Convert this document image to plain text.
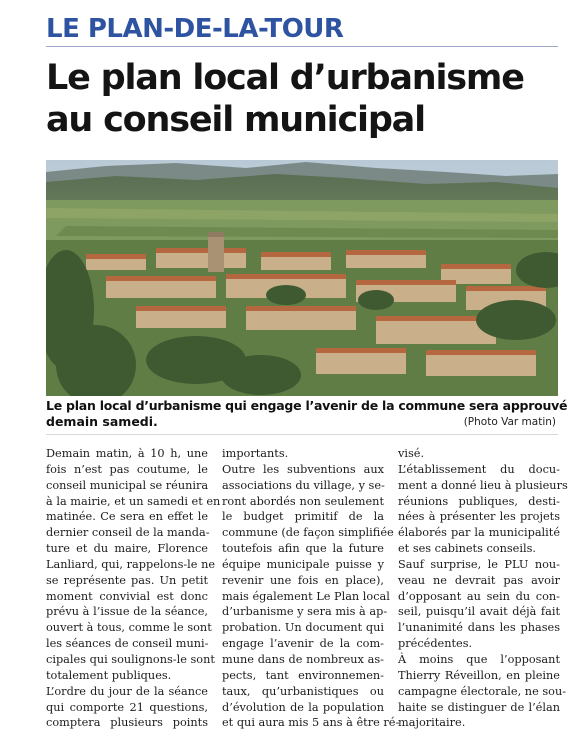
LE PLAN-DE-LA-TOUR
Le plan local d’urbanisme
au conseil municipal
Le plan local d’urbanisme qui engage l’avenir de la commune sera approuvé
demain samedi.	(Photo Var matin)
Demain matin, à 10 h, une
fois n’est pas coutume, le
conseil municipal se réunira
à la mairie, et un samedi et en
matinée. Ce sera en effet le
dernier conseil de la manda-
ture et du maire, Florence
Lanliard, qui, rappelons-le ne
se représente pas. Un petit
moment convivial est donc
prévu à l’issue de la séance,
ouvert à tous, comme le sont
les séances de conseil muni-
cipales qui soulignons-le sont
totalement publiques.
L’ordre du jour de la séance
qui comporte 21 questions,
comptera plusieurs points
importants.
Outre les subventions aux
associations du village, y se-
ront abordés non seulement
le budget primitif de la
commune (de façon simplifiée
toutefois afin que la future
équipe municipale puisse y
revenir une fois en place),
mais également Le Plan local
d’urbanisme y sera mis à ap-
probation. Un document qui
engage l’avenir de la com-
mune dans de nombreux as-
pects, tant environnemen-
taux, qu’urbanistiques ou
d’évolution de la population
et qui aura mis 5 ans à être ré-
visé.
L’établissement du docu-
ment a donné lieu à plusieurs
réunions publiques, desti-
nées à présenter les projets
élaborés par la municipalité
et ses cabinets conseils.
Sauf surprise, le PLU nou-
veau ne devrait pas avoir
d’opposant au sein du con-
seil, puisqu’il avait déjà fait
l’unanimité dans les phases
précédentes.
À moins que l’opposant
Thierry Réveillon, en pleine
campagne électorale, ne sou-
haite se distinguer de l’élan
majoritaire.
